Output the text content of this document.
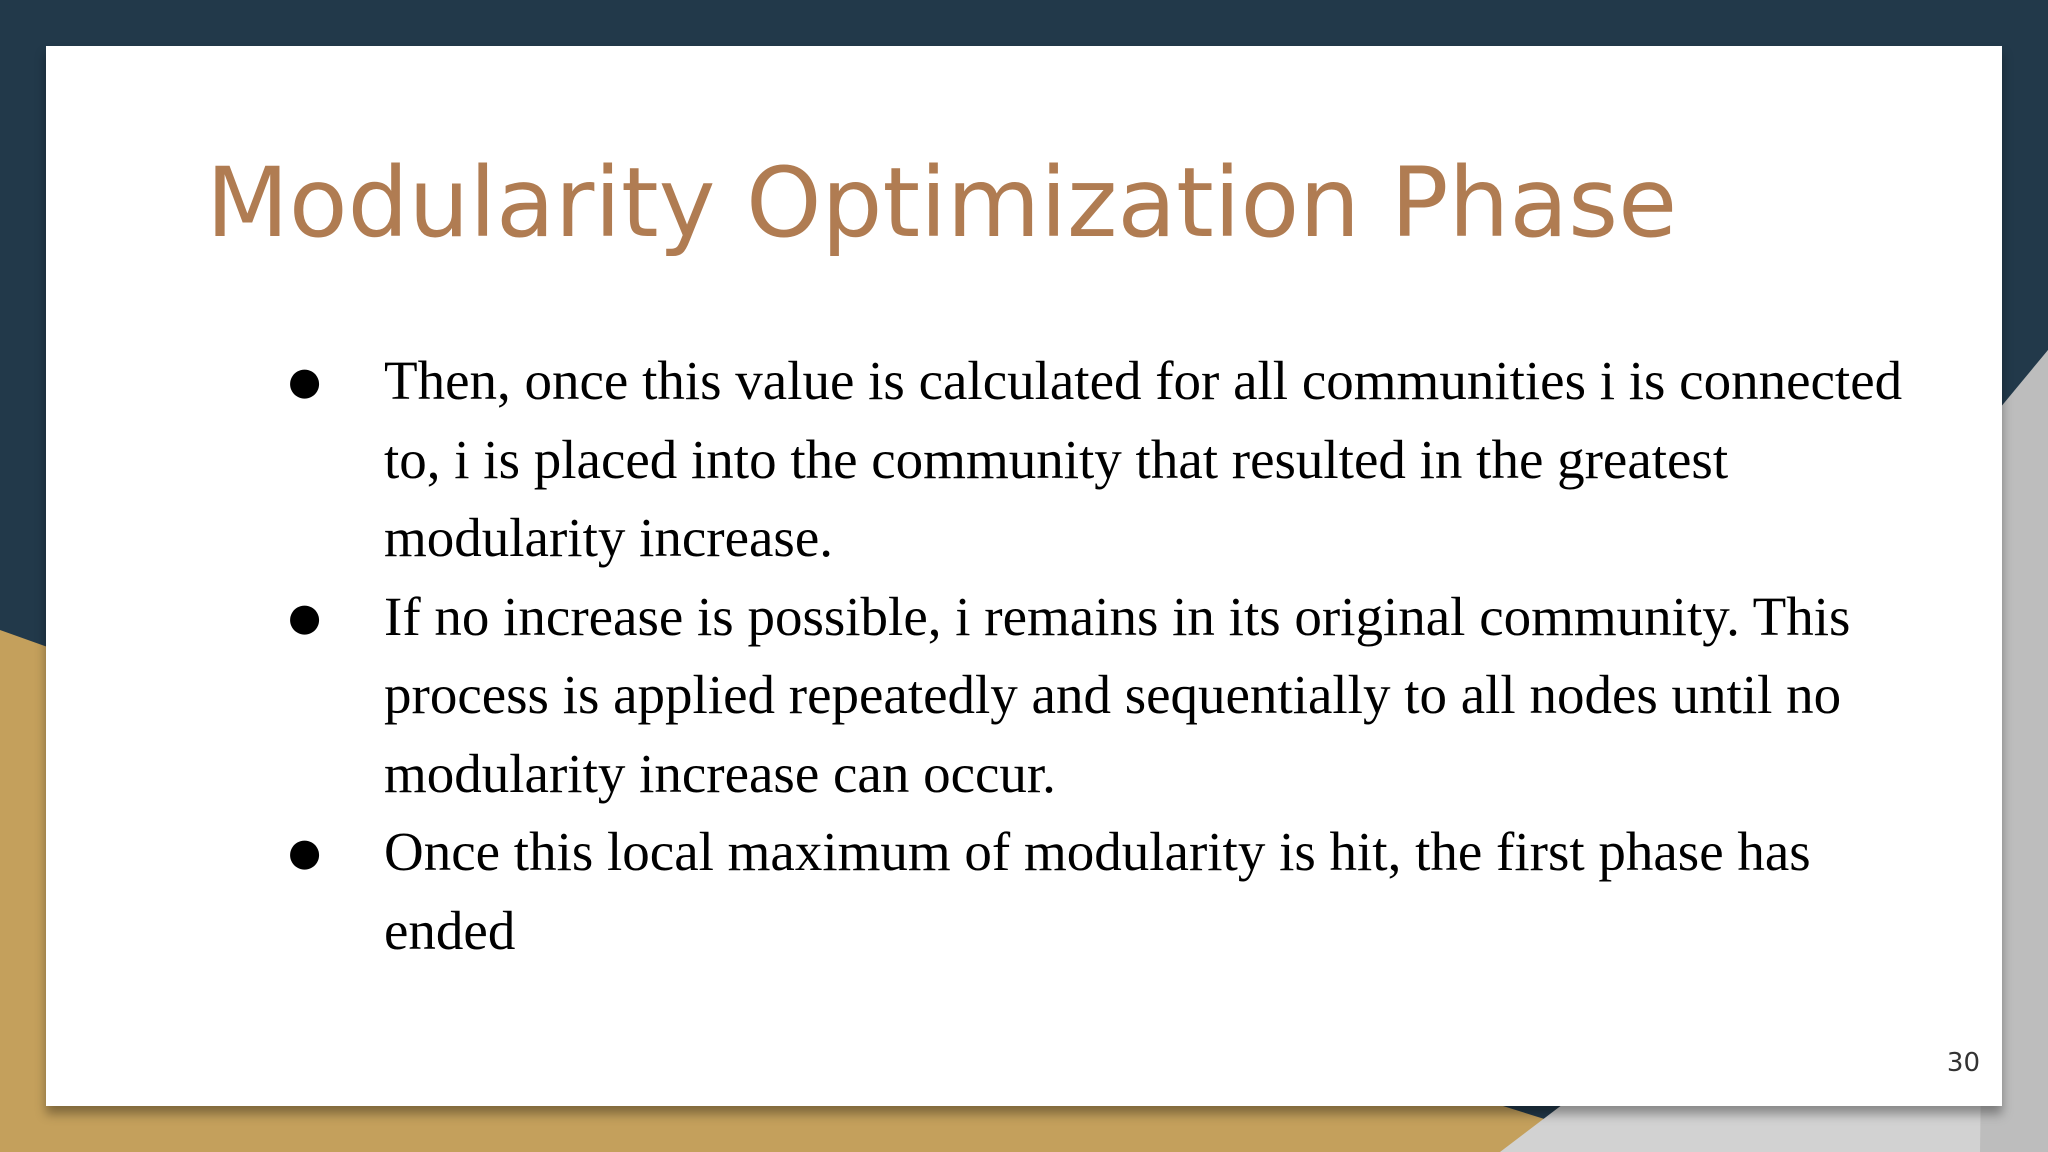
Modularity Optimization Phase
● Then, once this value is calculated for all communities i is connected to, i is placed into the community that resulted in the greatest modularity increase.
● If no increase is possible, i remains in its original community. This process is applied repeatedly and sequentially to all nodes until no modularity increase can occur.
● Once this local maximum of modularity is hit, the first phase has ended
30
